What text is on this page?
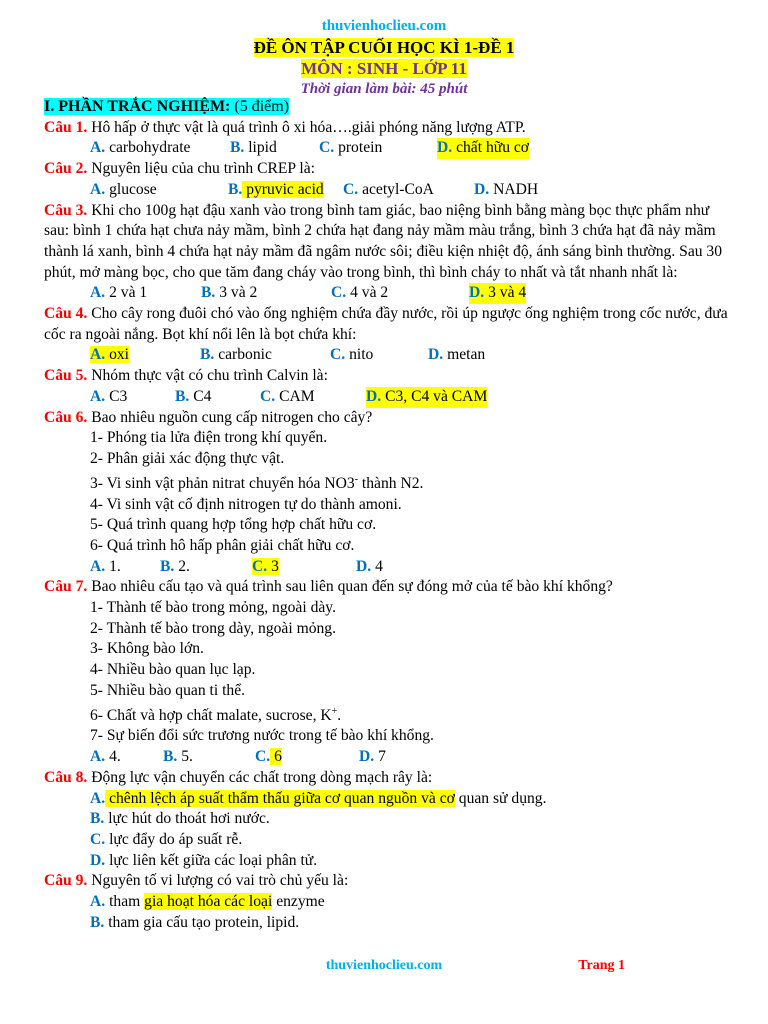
thuvienhoclieu.com
ĐỀ ÔN TẬP CUỐI HỌC KÌ 1-ĐỀ 1
MÔN : SINH - LỚP 11
Thời gian làm bài: 45 phút
I. PHẦN TRẮC NGHIỆM: (5 điểm)
Câu 1. Hô hấp ở thực vật là quá trình ô xi hóa….giải phóng năng lượng ATP.
A. carbohydrate	B. lipid	C. protein	D. chất hữu cơ
Câu 2. Nguyên liệu của chu trình CREP là:
A. glucose	B. pyruvic acid	C. acetyl-CoA	D. NADH
Câu 3. Khi cho 100g hạt đậu xanh vào trong bình tam giác, bao niệng bình bằng màng bọc thực phẩm như sau: bình 1 chứa hạt chưa nảy mầm, bình 2 chứa hạt đang nảy mầm màu trắng, bình 3 chứa hạt đã nảy mầm thành lá xanh, bình 4 chứa hạt nảy mầm đã ngâm nước sôi; điều kiện nhiệt độ, ánh sáng bình thường. Sau 30 phút, mở màng bọc, cho que tăm đang cháy vào trong bình, thì bình cháy to nhất và tắt nhanh nhất là:
A. 2 và 1	B. 3 và 2	C. 4 và 2	D. 3 và 4
Câu 4. Cho cây rong đuôi chó vào ống nghiệm chứa đầy nước, rồi úp ngược ống nghiệm trong cốc nước, đưa cốc ra ngoài nắng. Bọt khí nổi lên là bọt chứa khí:
A. oxi	B. carbonic	C. nito	D. metan
Câu 5. Nhóm thực vật có chu trình Calvin là:
A. C3	B. C4	C. CAM	D. C3, C4 và CAM
Câu 6. Bao nhiêu nguồn cung cấp nitrogen cho cây?
1- Phóng tia lửa điện trong khí quyển.
2- Phân giải xác động thực vật.
3- Vi sinh vật phản nitrat chuyển hóa NO3- thành N2.
4- Vi sinh vật cố định nitrogen tự do thành amoni.
5- Quá trình quang hợp tổng hợp chất hữu cơ.
6- Quá trình hô hấp phân giải chất hữu cơ.
A. 1.	B. 2.	C. 3	D. 4
Câu 7. Bao nhiêu cấu tạo và quá trình sau liên quan đến sự đóng mở của tế bào khí khổng?
1- Thành tế bào trong mỏng, ngoài dày.
2- Thành tế bào trong dày, ngoài mỏng.
3- Không bào lớn.
4- Nhiều bào quan lục lạp.
5- Nhiều bào quan ti thể.
6- Chất và hợp chất malate, sucrose, K+.
7- Sự biến đổi sức trương nước trong tế bào khí khổng.
A. 4.	B. 5.	C. 6	D. 7
Câu 8. Động lực vận chuyển các chất trong dòng mạch rây là:
A. chênh lệch áp suất thẩm thấu giữa cơ quan nguồn và cơ quan sử dụng.
B. lực hút do thoát hơi nước.
C. lực đẩy do áp suất rễ.
D. lực liên kết giữa các loại phân tử.
Câu 9. Nguyên tố vi lượng có vai trò chủ yếu là:
A. tham gia hoạt hóa các loại enzyme
B. tham gia cấu tạo protein, lipid.
thuvienhoclieu.com	Trang 1
